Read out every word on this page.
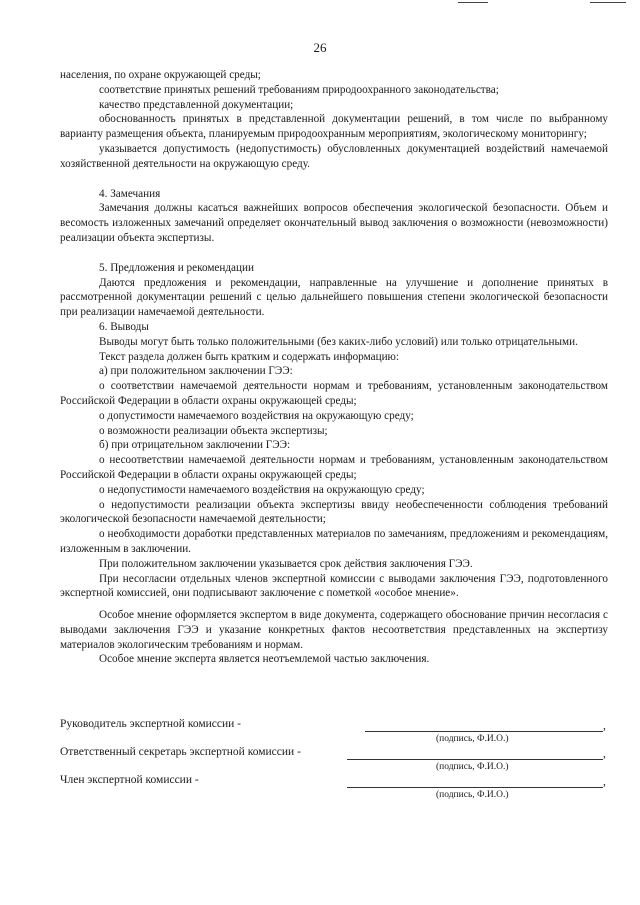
26

населения, по охране окружающей среды;

соответствие принятых решений требованиям природоохранного законодательства;

качество представленной документации;

обоснованность принятых в представленной документации решений, в том числе по выбранному варианту размещения объекта, планируемым природоохранным мероприятиям, экологическому мониторингу;

указывается допустимость (недопустимость) обусловленных документацией воздействий намечаемой хозяйственной деятельности на окружающую среду.

4. Замечания

Замечания должны касаться важнейших вопросов обеспечения экологической безопасности. Объем и весомость изложенных замечаний определяет окончательный вывод заключения о возможности (невозможности) реализации объекта экспертизы.

5. Предложения и рекомендации

Даются предложения и рекомендации, направленные на улучшение и дополнение принятых в рассмотренной документации решений с целью дальнейшего повышения степени экологической безопасности при реализации намечаемой деятельности.

6. Выводы

Выводы могут быть только положительными (без каких-либо условий) или только отрицательными.

Текст раздела должен быть кратким и содержать информацию:

а) при положительном заключении ГЭЭ:

о соответствии намечаемой деятельности нормам и требованиям, установленным законодательством Российской Федерации в области охраны окружающей среды;

о допустимости намечаемого воздействия на окружающую среду;

о возможности реализации объекта экспертизы;

б) при отрицательном заключении ГЭЭ:

о несоответствии намечаемой деятельности нормам и требованиям, установленным законодательством Российской Федерации в области охраны окружающей среды;

о недопустимости намечаемого воздействия на окружающую среду;

о недопустимости реализации объекта экспертизы ввиду необеспеченности соблюдения требований экологической безопасности намечаемой деятельности;

о необходимости доработки представленных материалов по замечаниям, предложениям и рекомендациям, изложенным в заключении.

При положительном заключении указывается срок действия заключения ГЭЭ.

При несогласии отдельных членов экспертной комиссии с выводами заключения ГЭЭ, подготовленного экспертной комиссией, они подписывают заключение с пометкой «особое мнение».

Особое мнение оформляется экспертом в виде документа, содержащего обоснование причин несогласия с выводами заключения ГЭЭ и указание конкретных фактов несоответствия представленных на экспертизу материалов экологическим требованиям и нормам.

Особое мнение эксперта является неотъемлемой частью заключения.

Руководитель экспертной комиссии -	,
(подпись, Ф.И.О.)
Ответственный секретарь экспертной комиссии -	,
(подпись, Ф.И.О.)
Член экспертной комиссии -	,
(подпись, Ф.И.О.)
